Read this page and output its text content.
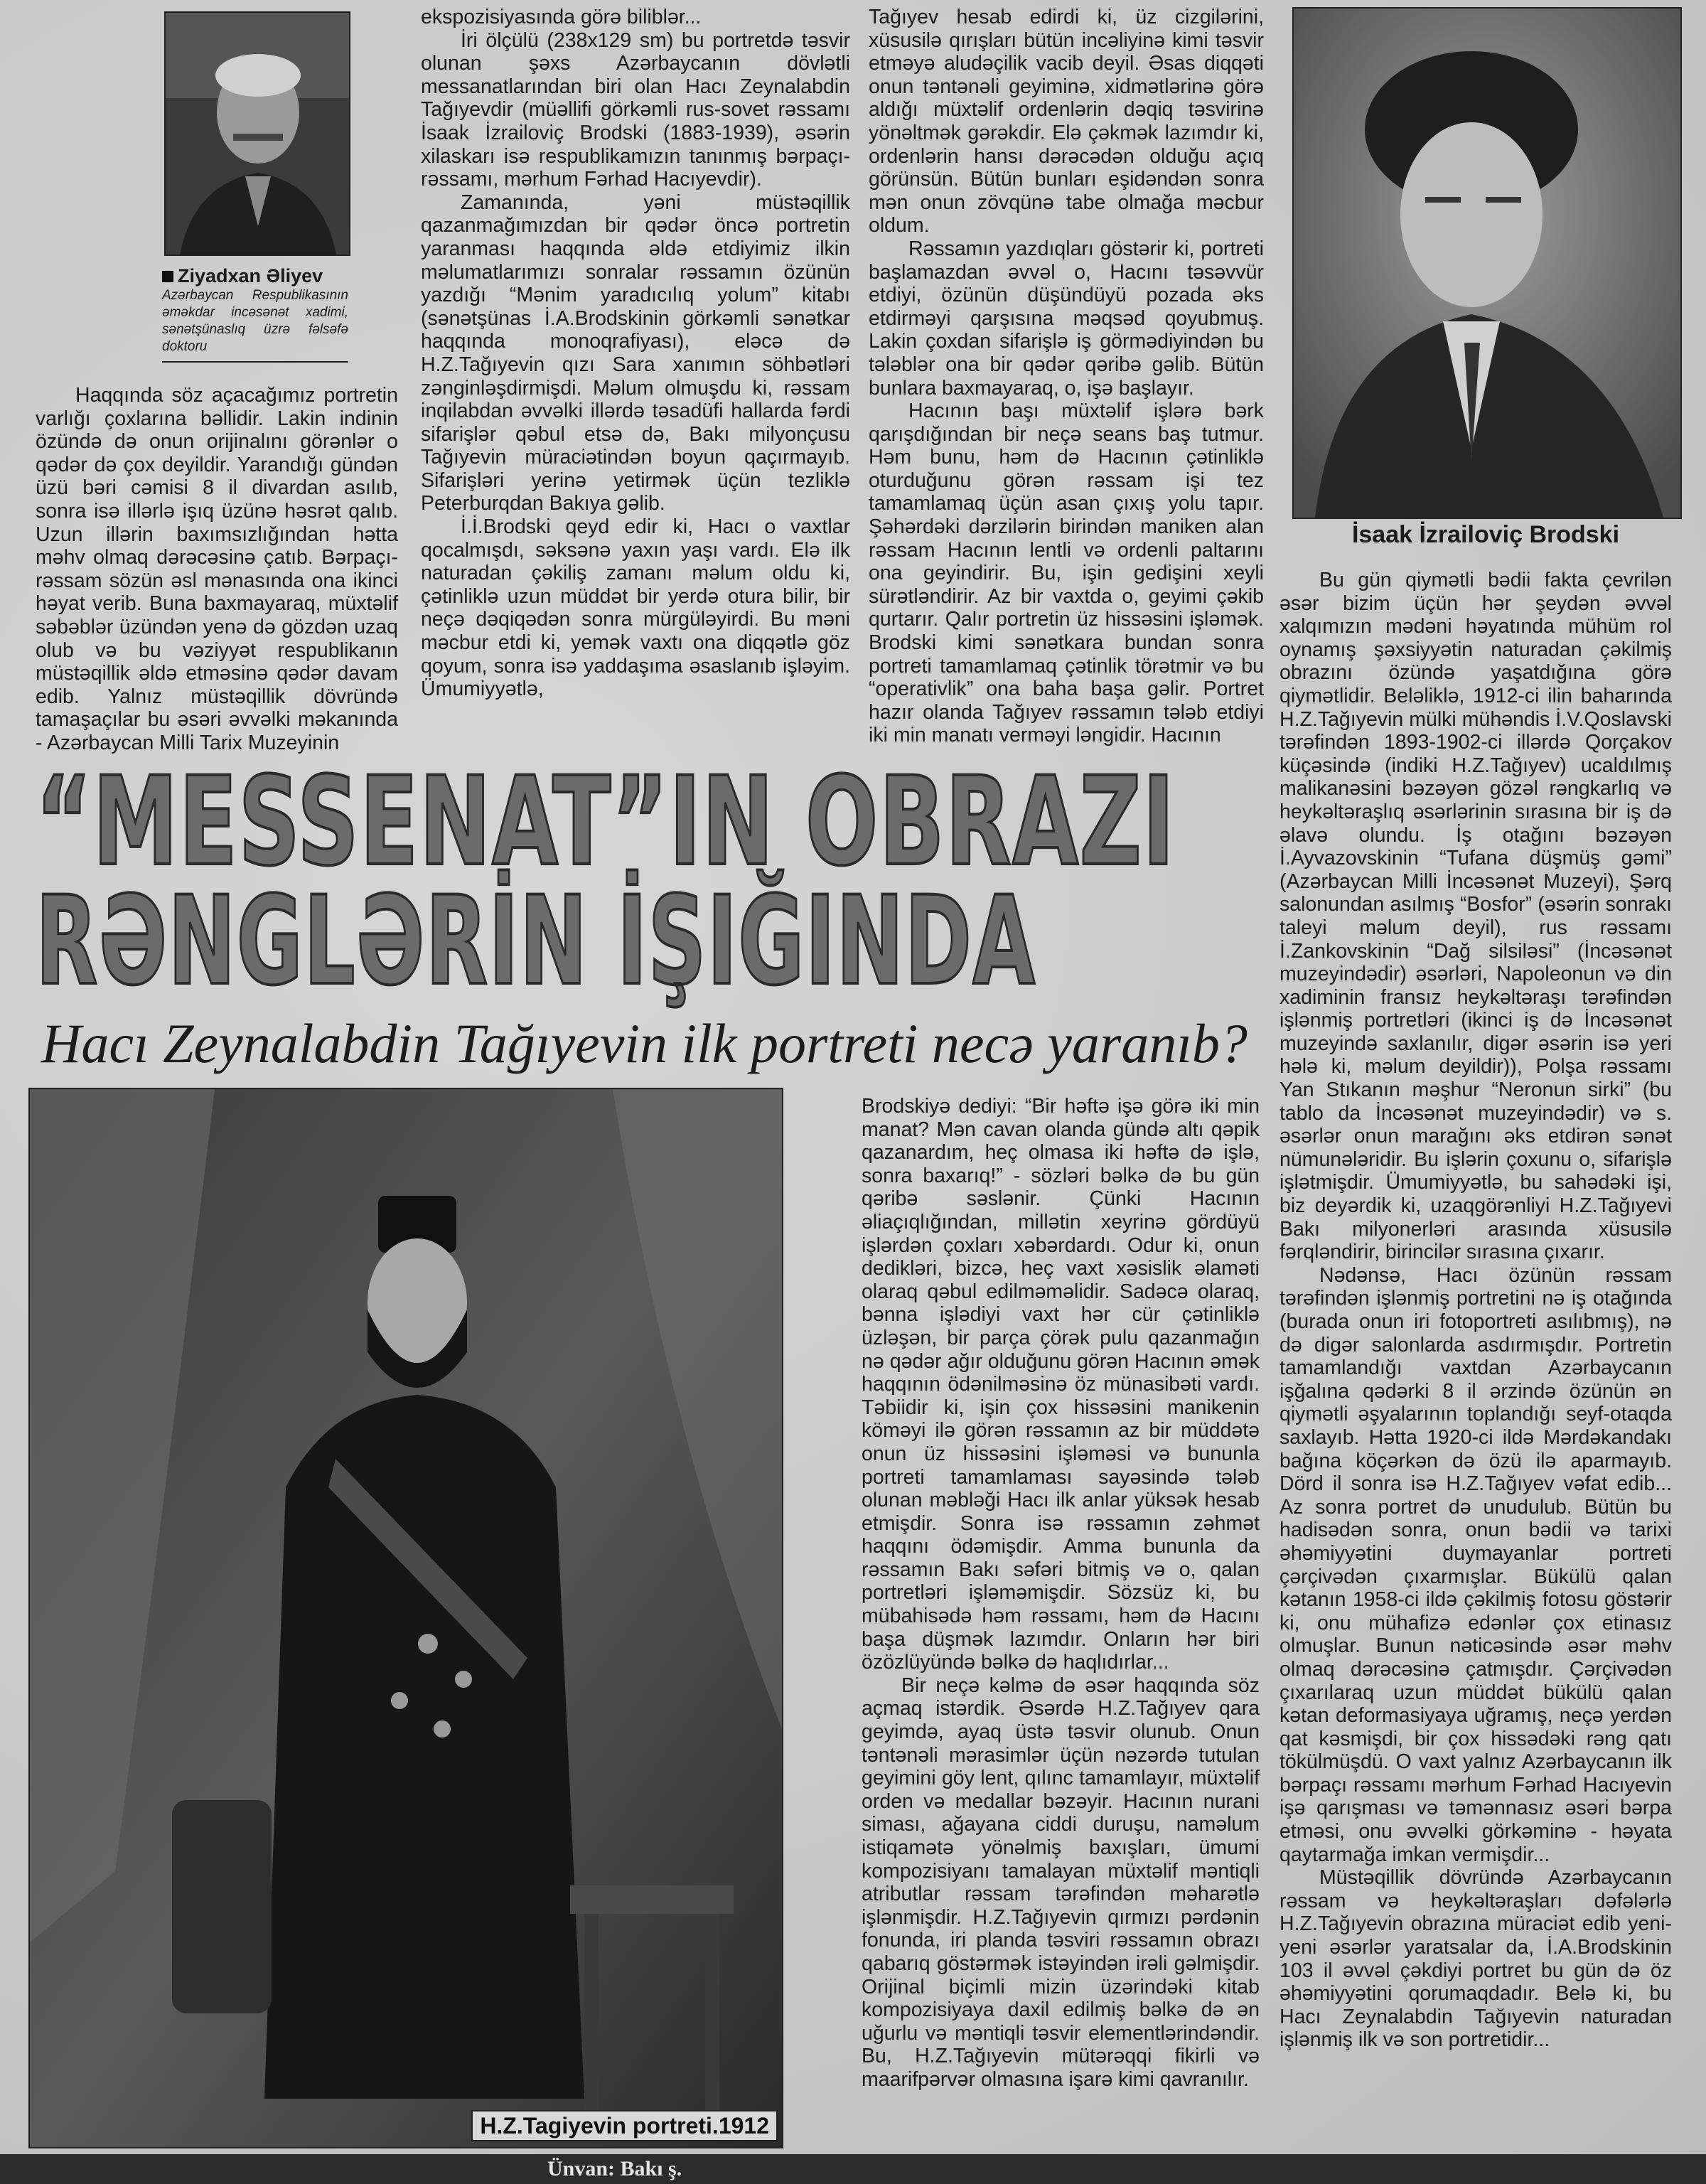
Ziyadxan Əliyev
Azərbaycan Respublikasının əməkdar incəsənət xadimi, sənətşünaslıq üzrə fəlsəfə doktoru

Haqqında söz açacağımız portretin varlığı çoxlarına bəllidir. Lakin indinin özündə də onun orijinalını görənlər o qədər də çox deyildir. Yarandığı gündən üzü bəri cəmisi 8 il divardan asılıb, sonra isə illərlə işıq üzünə həsrət qalıb. Uzun illərin baxımsızlığından hətta məhv olmaq dərəcəsinə çatıb. Bərpaçı-rəssam sözün əsl mənasında ona ikinci həyat verib. Buna baxmayaraq, müxtəlif səbəblər üzündən yenə də gözdən uzaq olub və bu vəziyyət respublikanın müstəqillik əldə etməsinə qədər davam edib. Yalnız müstəqillik dövründə tamaşaçılar bu əsəri əvvəlki məkanında - Azərbaycan Milli Tarix Muzeyinin

ekspozisiyasında görə biliblər...

İri ölçülü (238x129 sm) bu portretdə təsvir olunan şəxs Azərbaycanın dövlətli messanatlarından biri olan Hacı Zeynalabdin Tağıyevdir (müəllifi görkəmli rus-sovet rəssamı İsaak İzrailoviç Brodski (1883-1939), əsərin xilaskarı isə respublikamızın tanınmış bərpaçı-rəssamı, mərhum Fərhad Hacıyevdir).

Zamanında, yəni müstəqillik qazanmağımızdan bir qədər öncə portretin yaranması haqqında əldə etdiyimiz ilkin məlumatlarımızı sonralar rəssamın özünün yazdığı “Mənim yaradıcılıq yolum” kitabı (sənətşünas İ.A.Brodskinin görkəmli sənətkar haqqında monoqrafiyası), eləcə də H.Z.Tağıyevin qızı Sara xanımın söhbətləri zənginləşdirmişdi. Məlum olmuşdu ki, rəssam inqilabdan əvvəlki illərdə təsadüfi hallarda fərdi sifarişlər qəbul etsə də, Bakı milyonçusu Tağıyevin müraciətindən boyun qaçırmayıb. Sifarişləri yerinə yetirmək üçün tezliklə Peterburqdan Bakıya gəlib.

İ.İ.Brodski qeyd edir ki, Hacı o vaxtlar qocalmışdı, səksənə yaxın yaşı vardı. Elə ilk naturadan çəkiliş zamanı məlum oldu ki, çətinliklə uzun müddət bir yerdə otura bilir, bir neçə dəqiqədən sonra mürgüləyirdi. Bu məni məcbur etdi ki, yemək vaxtı ona diqqətlə göz qoyum, sonra isə yaddaşıma əsaslanıb işləyim. Ümumiyyətlə,

Tağıyev hesab edirdi ki, üz cizgilərini, xüsusilə qırışları bütün incəliyinə kimi təsvir etməyə aludəçilik vacib deyil. Əsas diqqəti onun təntənəli geyiminə, xidmətlərinə görə aldığı müxtəlif ordenlərin dəqiq təsvirinə yönəltmək gərəkdir. Elə çəkmək lazımdır ki, ordenlərin hansı dərəcədən olduğu açıq görünsün. Bütün bunları eşidəndən sonra mən onun zövqünə tabe olmağa məcbur oldum.

Rəssamın yazdıqları göstərir ki, portreti başlamazdan əvvəl o, Hacını təsəvvür etdiyi, özünün düşündüyü pozada əks etdirməyi qarşısına məqsəd qoyubmuş. Lakin çoxdan sifarişlə iş görmədiyindən bu tələblər ona bir qədər qəribə gəlib. Bütün bunlara baxmayaraq, o, işə başlayır.

Hacının başı müxtəlif işlərə bərk qarışdığından bir neçə seans baş tutmur. Həm bunu, həm də Hacının çətinliklə oturduğunu görən rəssam işi tez tamamlamaq üçün asan çıxış yolu tapır. Şəhərdəki dərzilərin birindən maniken alan rəssam Hacının lentli və ordenli paltarını ona geyindirir. Bu, işin gedişini xeyli sürətləndirir. Az bir vaxtda o, geyimi çəkib qurtarır. Qalır portretin üz hissəsini işləmək. Brodski kimi sənətkara bundan sonra portreti tamamlamaq çətinlik törətmir və bu “operativlik” ona baha başa gəlir. Portret hazır olanda Tağıyev rəssamın tələb etdiyi iki min manatı verməyi ləngidir. Hacının

İsaak İzrailoviç Brodski

Bu gün qiymətli bədii fakta çevrilən əsər bizim üçün hər şeydən əvvəl xalqımızın mədəni həyatında mühüm rol oynamış şəxsiyyətin naturadan çəkilmiş obrazını özündə yaşatdığına görə qiymətlidir. Beləliklə, 1912-ci ilin baharında H.Z.Tağıyevin mülki mühəndis İ.V.Qoslavski tərəfindən 1893-1902-ci illərdə Qorçakov küçəsində (indiki H.Z.Tağıyev) ucaldılmış malikanəsini bəzəyən gözəl rəngkarlıq və heykəltəraşlıq əsərlərinin sırasına bir iş də əlavə olundu. İş otağını bəzəyən İ.Ayvazovskinin “Tufana düşmüş gəmi” (Azərbaycan Milli İncəsənət Muzeyi), Şərq salonundan asılmış “Bosfor” (əsərin sonrakı taleyi məlum deyil), rus rəssamı İ.Zankovskinin “Dağ silsiləsi” (İncəsənət muzeyindədir) əsərləri, Napoleonun və din xadiminin fransız heykəltəraşı tərəfindən işlənmiş portretləri (ikinci iş də İncəsənət muzeyində saxlanılır, digər əsərin isə yeri hələ ki, məlum deyildir)), Polşa rəssamı Yan Stıkanın məşhur “Neronun sirki” (bu tablo da İncəsənət muzeyindədir) və s. əsərlər onun marağını əks etdirən sənət nümunələridir. Bu işlərin çoxunu o, sifarişlə işlətmişdir. Ümumiyyətlə, bu sahədəki işi, biz deyərdik ki, uzaqgörənliyi H.Z.Tağıyevi Bakı milyonerləri arasında xüsusilə fərqləndirir, birincilər sırasına çıxarır.

Nədənsə, Hacı özünün rəssam tərəfindən işlənmiş portretini nə iş otağında (burada onun iri fotoportreti asılıbmış), nə də digər salonlarda asdırmışdır. Portretin tamamlandığı vaxtdan Azərbaycanın işğalına qədərki 8 il ərzində özünün ən qiymətli əşyalarının toplandığı seyf-otaqda saxlayıb. Hətta 1920-ci ildə Mərdəkandakı bağına köçərkən də özü ilə aparmayıb. Dörd il sonra isə H.Z.Tağıyev vəfat edib... Az sonra portret də unudulub. Bütün bu hadisədən sonra, onun bədii və tarixi əhəmiyyətini duymayanlar portreti çərçivədən çıxarmışlar. Bükülü qalan kətanın 1958-ci ildə çəkilmiş fotosu göstərir ki, onu mühafizə edənlər çox etinasız olmuşlar. Bunun nəticəsində əsər məhv olmaq dərəcəsinə çatmışdır. Çərçivədən çıxarılaraq uzun müddət bükülü qalan kətan deformasiyaya uğramış, neçə yerdən qat kəsmişdi, bir çox hissədəki rəng qatı tökülmüşdü. O vaxt yalnız Azərbaycanın ilk bərpaçı rəssamı mərhum Fərhad Hacıyevin işə qarışması və təmənnasız əsəri bərpa etməsi, onu əvvəlki görkəminə - həyata qaytarmağa imkan vermişdir...

Müstəqillik dövründə Azərbaycanın rəssam və heykəltəraşları dəfələrlə H.Z.Tağıyevin obrazına müraciət edib yeni-yeni əsərlər yaratsalar da, İ.A.Brodskinin 103 il əvvəl çəkdiyi portret bu gün də öz əhəmiyyətini qorumaqdadır. Belə ki, bu Hacı Zeynalabdin Tağıyevin naturadan işlənmiş ilk və son portretidir...

“MESSENAT”IN OBRAZI
RƏNGLƏRİN İŞIĞINDA
Hacı Zeynalabdin Tağıyevin ilk portreti necə yaranıb?
H.Z.Tagiyevin portreti.1912

Brodskiyə dediyi: “Bir həftə işə görə iki min manat? Mən cavan olanda gündə altı qəpik qazanardım, heç olmasa iki həftə də işlə, sonra baxarıq!” - sözləri bəlkə də bu gün qəribə səslənir. Çünki Hacının əliaçıqlığından, millətin xeyrinə gördüyü işlərdən çoxları xəbərdardı. Odur ki, onun dedikləri, bizcə, heç vaxt xəsislik əlaməti olaraq qəbul edilməməlidir. Sadəcə olaraq, bənna işlədiyi vaxt hər cür çətinliklə üzləşən, bir parça çörək pulu qazanmağın nə qədər ağır olduğunu görən Hacının əmək haqqının ödənilməsinə öz münasibəti vardı. Təbiidir ki, işin çox hissəsini manikenin köməyi ilə görən rəssamın az bir müddətə onun üz hissəsini işləməsi və bununla portreti tamamlaması sayəsində tələb olunan məbləği Hacı ilk anlar yüksək hesab etmişdir. Sonra isə rəssamın zəhmət haqqını ödəmişdir. Amma bununla da rəssamın Bakı səfəri bitmiş və o, qalan portretləri işləməmişdir. Sözsüz ki, bu mübahisədə həm rəssamı, həm də Hacını başa düşmək lazımdır. Onların hər biri özözlüyündə bəlkə də haqlıdırlar...

Bir neçə kəlmə də əsər haqqında söz açmaq istərdik. Əsərdə H.Z.Tağıyev qara geyimdə, ayaq üstə təsvir olunub. Onun təntənəli mərasimlər üçün nəzərdə tutulan geyimini göy lent, qılınc tamamlayır, müxtəlif orden və medallar bəzəyir. Hacının nurani siması, ağayana ciddi duruşu, naməlum istiqamətə yönəlmiş baxışları, ümumi kompozisiyanı tamalayan müxtəlif məntiqli atributlar rəssam tərəfindən məharətlə işlənmişdir. H.Z.Tağıyevin qırmızı pərdənin fonunda, iri planda təsviri rəssamın obrazı qabarıq göstərmək istəyindən irəli gəlmişdir. Orijinal biçimli mizin üzərindəki kitab kompozisiyaya daxil edilmiş bəlkə də ən uğurlu və məntiqli təsvir elementlərindəndir. Bu, H.Z.Tağıyevin mütərəqqi fikirli və maarifpərvər olmasına işarə kimi qavranılır.

Ünvan: Bakı ş.
